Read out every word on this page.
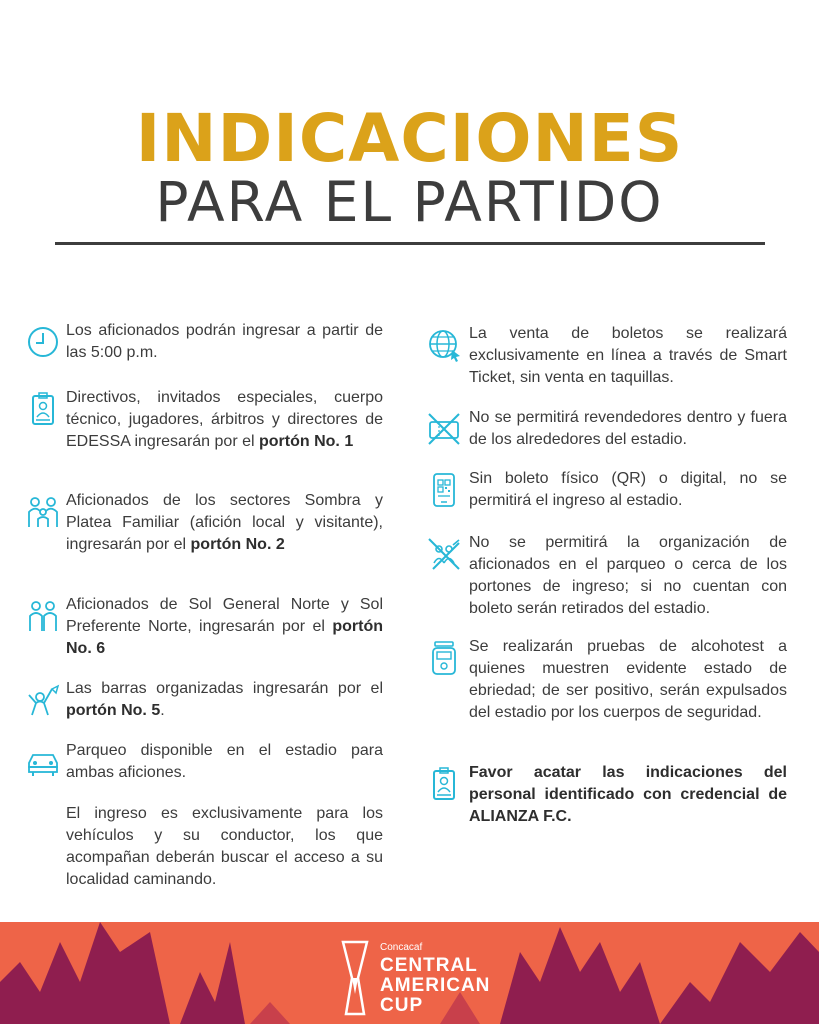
INDICACIONES
PARA EL PARTIDO
Los aficionados podrán ingresar a partir de las 5:00 p.m.
Directivos, invitados especiales, cuerpo técnico, jugadores, árbitros y directores de EDESSA ingresarán por el portón No. 1
Aficionados de los sectores Sombra y Platea Familiar (afición local y visitante), ingresarán por el portón No. 2
Aficionados de Sol General Norte y Sol Preferente Norte, ingresarán por el portón No. 6
Las barras organizadas ingresarán por el portón No. 5.
Parqueo disponible en el estadio para ambas aficiones.
El ingreso es exclusivamente para los vehículos y su conductor, los que acompañan deberán buscar el acceso a su localidad caminando.
La venta de boletos se realizará exclusivamente en línea a través de Smart Ticket, sin venta en taquillas.
No se permitirá revendedores dentro y fuera de los alrededores del estadio.
Sin boleto físico (QR) o digital, no se permitirá el ingreso al estadio.
No se permitirá la organización de aficionados en el parqueo o cerca de los portones de ingreso; si no cuentan con boleto serán retirados del estadio.
Se realizarán pruebas de alcohotest a quienes muestren evidente estado de ebriedad; de ser positivo, serán expulsados del estadio por los cuerpos de seguridad.
Favor acatar las indicaciones del personal identificado con credencial de ALIANZA F.C.
Concacaf
CENTRAL
AMERICAN
CUP
